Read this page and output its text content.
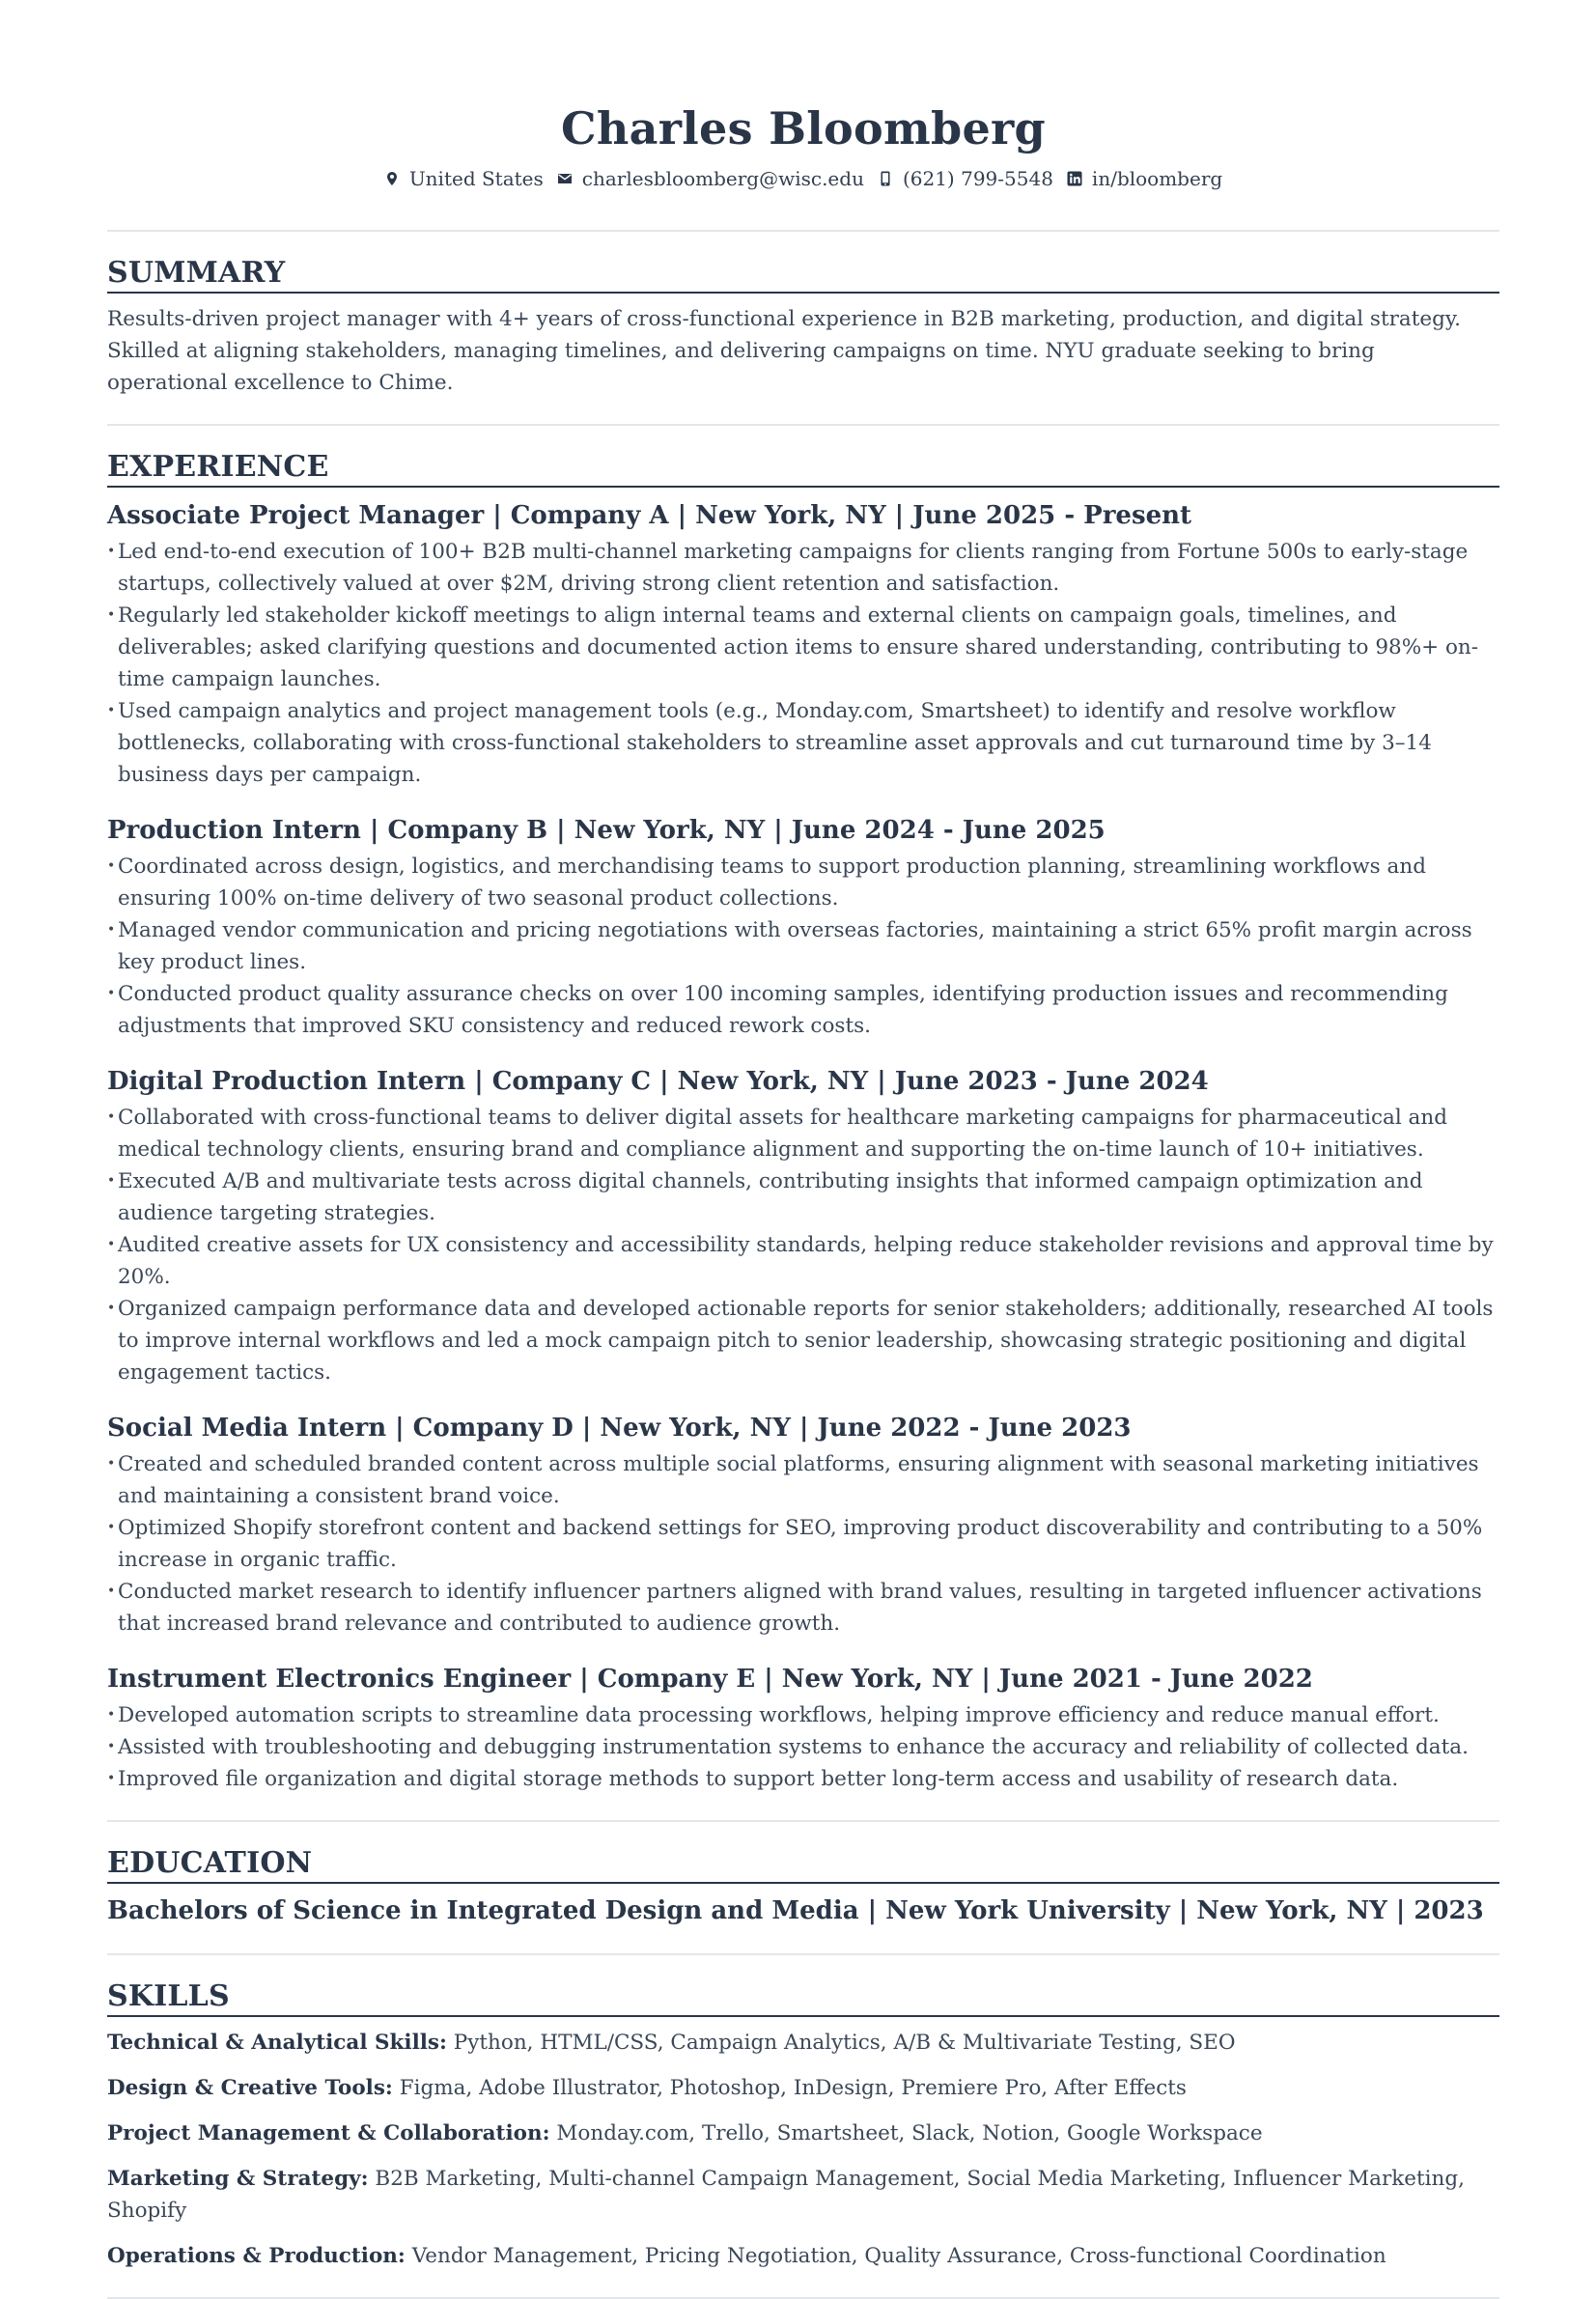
Charles Bloomberg
United States charlesbloomberg@wisc.edu (621) 799-5548 in/bloomberg
SUMMARY
Results-driven project manager with 4+ years of cross-functional experience in B2B marketing, production, and digital strategy. Skilled at aligning stakeholders, managing timelines, and delivering campaigns on time. NYU graduate seeking to bring operational excellence to Chime.
EXPERIENCE
Associate Project Manager | Company A | New York, NY | June 2025 - Present
• Led end-to-end execution of 100+ B2B multi-channel marketing campaigns for clients ranging from Fortune 500s to early-stage startups, collectively valued at over $2M, driving strong client retention and satisfaction.
• Regularly led stakeholder kickoff meetings to align internal teams and external clients on campaign goals, timelines, and deliverables; asked clarifying questions and documented action items to ensure shared understanding, contributing to 98%+ on-time campaign launches.
• Used campaign analytics and project management tools (e.g., Monday.com, Smartsheet) to identify and resolve workflow bottlenecks, collaborating with cross-functional stakeholders to streamline asset approvals and cut turnaround time by 3–14 business days per campaign.
Production Intern | Company B | New York, NY | June 2024 - June 2025
• Coordinated across design, logistics, and merchandising teams to support production planning, streamlining workflows and ensuring 100% on-time delivery of two seasonal product collections.
• Managed vendor communication and pricing negotiations with overseas factories, maintaining a strict 65% profit margin across key product lines.
• Conducted product quality assurance checks on over 100 incoming samples, identifying production issues and recommending adjustments that improved SKU consistency and reduced rework costs.
Digital Production Intern | Company C | New York, NY | June 2023 - June 2024
• Collaborated with cross-functional teams to deliver digital assets for healthcare marketing campaigns for pharmaceutical and medical technology clients, ensuring brand and compliance alignment and supporting the on-time launch of 10+ initiatives.
• Executed A/B and multivariate tests across digital channels, contributing insights that informed campaign optimization and audience targeting strategies.
• Audited creative assets for UX consistency and accessibility standards, helping reduce stakeholder revisions and approval time by 20%.
• Organized campaign performance data and developed actionable reports for senior stakeholders; additionally, researched AI tools to improve internal workflows and led a mock campaign pitch to senior leadership, showcasing strategic positioning and digital engagement tactics.
Social Media Intern | Company D | New York, NY | June 2022 - June 2023
• Created and scheduled branded content across multiple social platforms, ensuring alignment with seasonal marketing initiatives and maintaining a consistent brand voice.
• Optimized Shopify storefront content and backend settings for SEO, improving product discoverability and contributing to a 50% increase in organic traffic.
• Conducted market research to identify influencer partners aligned with brand values, resulting in targeted influencer activations that increased brand relevance and contributed to audience growth.
Instrument Electronics Engineer | Company E | New York, NY | June 2021 - June 2022
• Developed automation scripts to streamline data processing workflows, helping improve efficiency and reduce manual effort.
• Assisted with troubleshooting and debugging instrumentation systems to enhance the accuracy and reliability of collected data.
• Improved file organization and digital storage methods to support better long-term access and usability of research data.
EDUCATION
Bachelors of Science in Integrated Design and Media | New York University | New York, NY | 2023
SKILLS
Technical & Analytical Skills: Python, HTML/CSS, Campaign Analytics, A/B & Multivariate Testing, SEO
Design & Creative Tools: Figma, Adobe Illustrator, Photoshop, InDesign, Premiere Pro, After Effects
Project Management & Collaboration: Monday.com, Trello, Smartsheet, Slack, Notion, Google Workspace
Marketing & Strategy: B2B Marketing, Multi-channel Campaign Management, Social Media Marketing, Influencer Marketing, Shopify
Operations & Production: Vendor Management, Pricing Negotiation, Quality Assurance, Cross-functional Coordination
